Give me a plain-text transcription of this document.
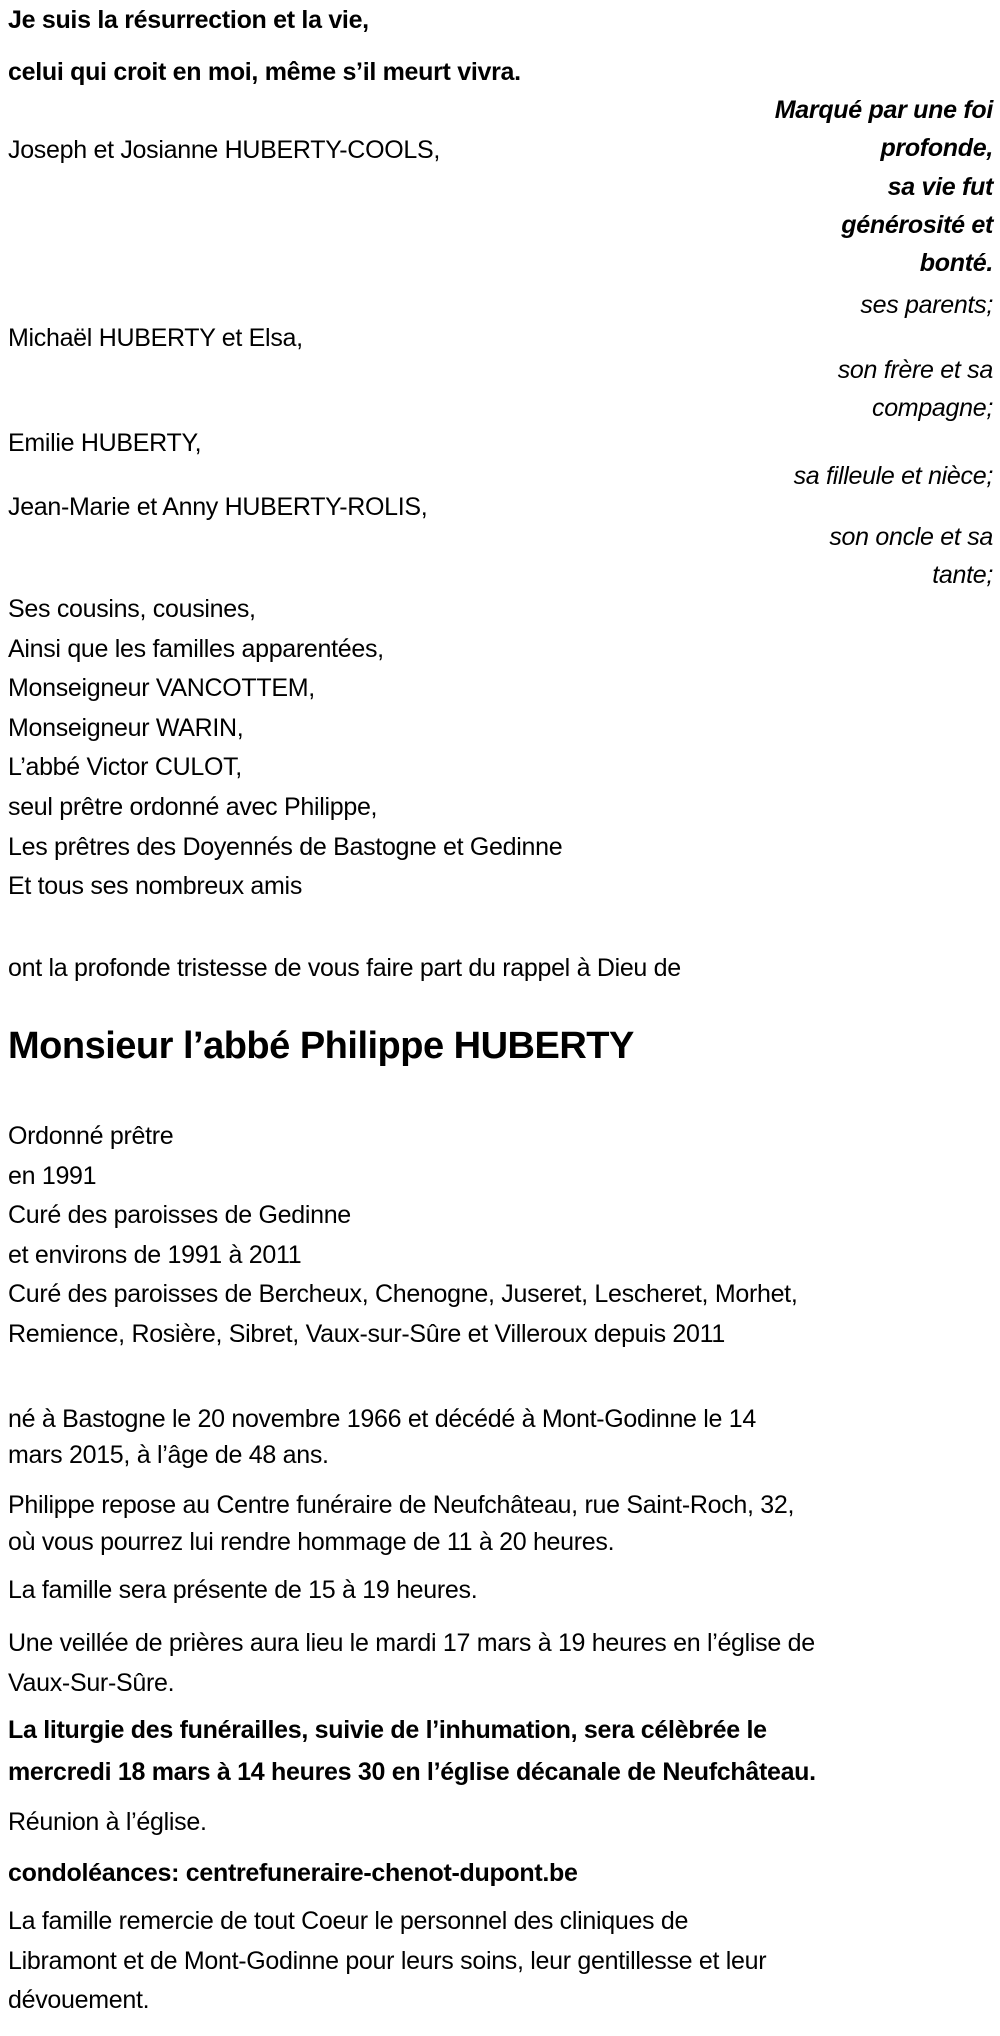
Je suis la résurrection et la vie,
celui qui croit en moi, même s’il meurt vivra.
Marqué par une foi
profonde,
sa vie fut
générosité et
bonté.
Joseph et Josianne HUBERTY-COOLS,
ses parents;
Michaël HUBERTY et Elsa,
son frère et sa
compagne;
Emilie HUBERTY,
sa filleule et nièce;
Jean-Marie et Anny HUBERTY-ROLIS,
son oncle et sa
tante;
Ses cousins, cousines,
Ainsi que les familles apparentées,
Monseigneur VANCOTTEM,
Monseigneur WARIN,
L’abbé Victor CULOT,
seul prêtre ordonné avec Philippe,
Les prêtres des Doyennés de Bastogne et Gedinne
Et tous ses nombreux amis
ont la profonde tristesse de vous faire part du rappel à Dieu de
Monsieur l’abbé Philippe HUBERTY
Ordonné prêtre
en 1991
Curé des paroisses de Gedinne
et environs de 1991 à 2011
Curé des paroisses de Bercheux, Chenogne, Juseret, Lescheret, Morhet,
Remience, Rosière, Sibret, Vaux-sur-Sûre et Villeroux depuis 2011
né à Bastogne le 20 novembre 1966 et décédé à Mont-Godinne le 14
mars 2015, à l’âge de 48 ans.
Philippe repose au Centre funéraire de Neufchâteau, rue Saint-Roch, 32,
où vous pourrez lui rendre hommage de 11 à 20 heures.
La famille sera présente de 15 à 19 heures.
Une veillée de prières aura lieu le mardi 17 mars à 19 heures en l’église de
Vaux-Sur-Sûre.
La liturgie des funérailles, suivie de l’inhumation, sera célèbrée le
mercredi 18 mars à 14 heures 30 en l’église décanale de Neufchâteau.
Réunion à l’église.
condoléances: centrefuneraire-chenot-dupont.be
La famille remercie de tout Coeur le personnel des cliniques de
Libramont et de Mont-Godinne pour leurs soins, leur gentillesse et leur
dévouement.
